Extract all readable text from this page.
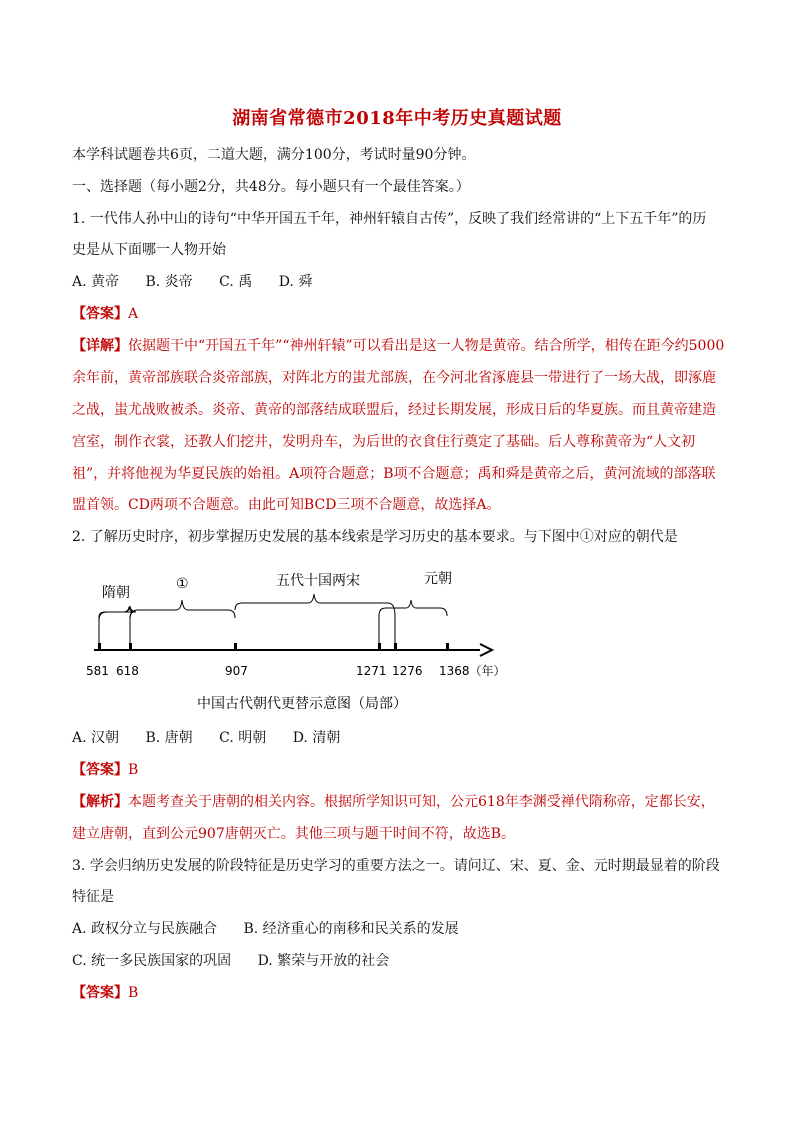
湖南省常德市2018年中考历史真题试题
本学科试题卷共6页，二道大题，满分100分，考试时量90分钟。
一、选择题（每小题2分，共48分。每小题只有一个最佳答案。）
1. 一代伟人孙中山的诗句“中华开国五千年，神州轩辕自古传”，反映了我们经常讲的“上下五千年”的历
史是从下面哪一人物开始
A. 黄帝 B. 炎帝 C. 禹 D. 舜
【答案】A
【详解】依据题干中“开国五千年”“神州轩辕”可以看出是这一人物是黄帝。结合所学，相传在距今约5000
余年前，黄帝部族联合炎帝部族，对阵北方的蚩尤部族，在今河北省涿鹿县一带进行了一场大战，即涿鹿
之战，蚩尤战败被杀。炎帝、黄帝的部落结成联盟后，经过长期发展，形成日后的华夏族。而且黄帝建造
宫室，制作衣裳，还教人们挖井，发明舟车，为后世的衣食住行奠定了基础。后人尊称黄帝为“人文初
祖”，并将他视为华夏民族的始祖。A项符合题意；B项不合题意；禹和舜是黄帝之后，黄河流域的部落联
盟首领。CD两项不合题意。由此可知BCD三项不合题意，故选择A。
2. 了解历史时序，初步掌握历史发展的基本线索是学习历史的基本要求。与下图中①对应的朝代是
隋朝
①	五代十国两宋	元朝
581 618	907	1271 1276 1368（年）
中国古代朝代更替示意图（局部）
A. 汉朝 B. 唐朝 C. 明朝 D. 清朝
【答案】B
【解析】本题考查关于唐朝的相关内容。根据所学知识可知，公元618年李渊受禅代隋称帝，定都长安，
建立唐朝，直到公元907唐朝灭亡。其他三项与题干时间不符，故选B。
3. 学会归纳历史发展的阶段特征是历史学习的重要方法之一。请问辽、宋、夏、金、元时期最显着的阶段
特征是
A. 政权分立与民族融合 B. 经济重心的南移和民关系的发展
C. 统一多民族国家的巩固 D. 繁荣与开放的社会
【答案】B
